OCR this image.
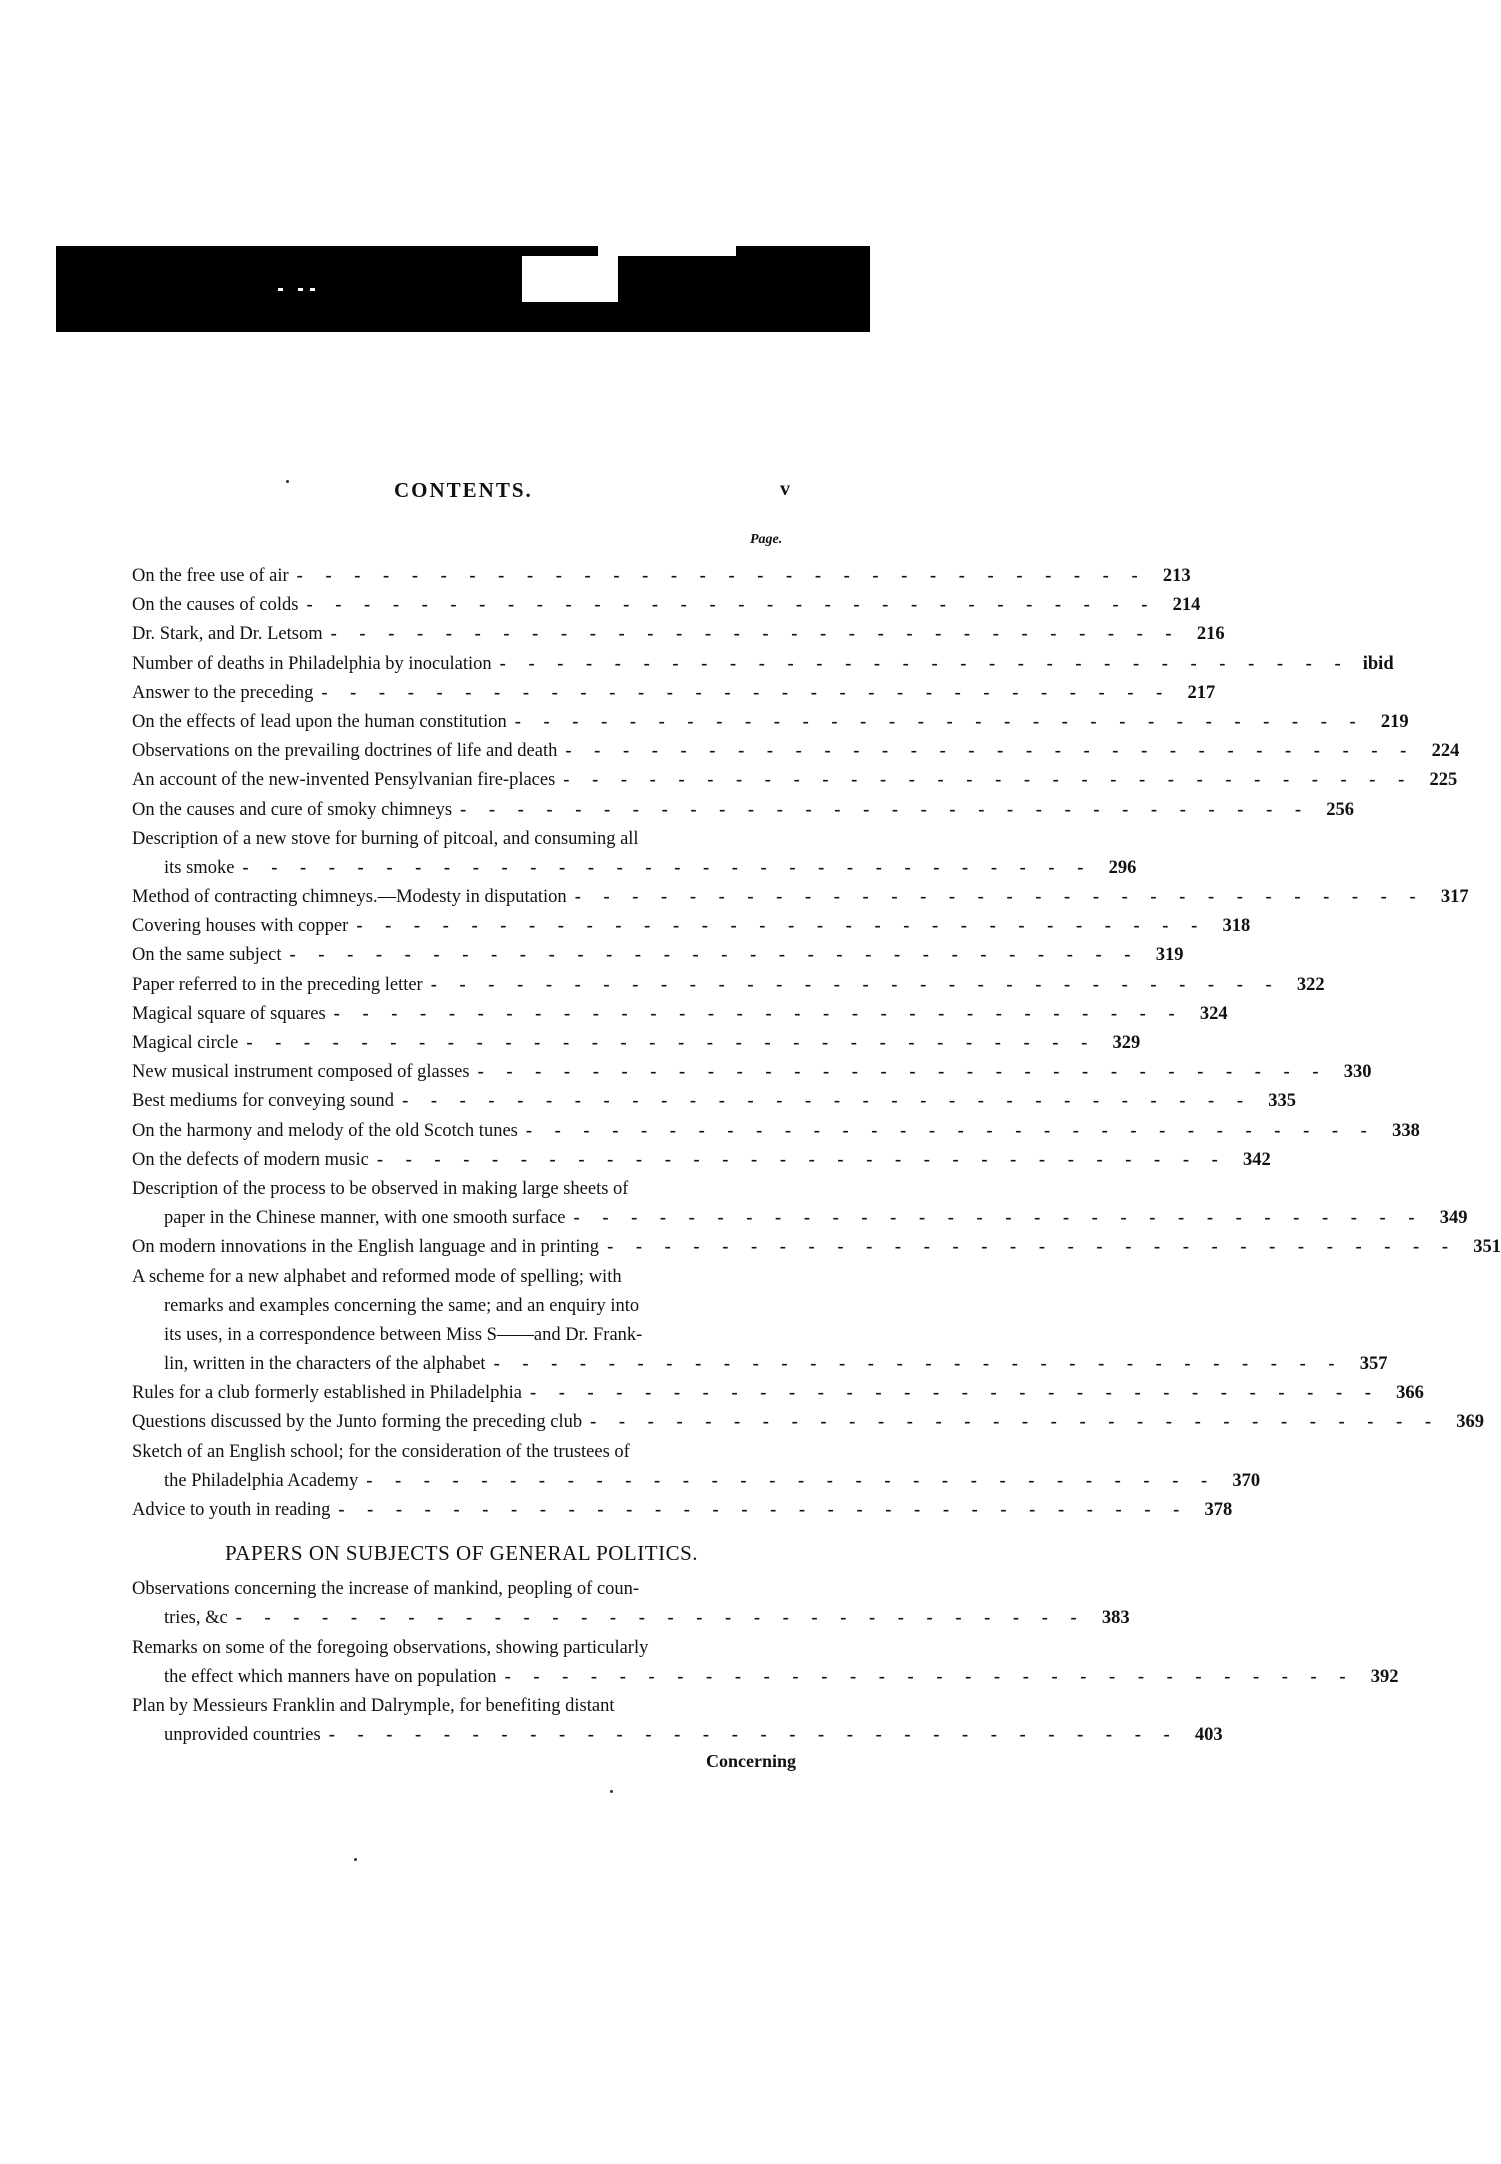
CONTENTS.	v
Page.
On the free use of air - - - - - - - - - - - - - - - - - - - - - - - - - - - - - - 213
On the causes of colds - - - - - - - - - - - - - - - - - - - - - - - - - - - - - - 214
Dr. Stark, and Dr. Letsom - - - - - - - - - - - - - - - - - - - - - - - - - - - - - - 216
Number of deaths in Philadelphia by inoculation - - - - - - - - - - - - - - - - - - - - - - - - - - - - - - ibid
Answer to the preceding - - - - - - - - - - - - - - - - - - - - - - - - - - - - - - 217
On the effects of lead upon the human constitution - - - - - - - - - - - - - - - - - - - - - - - - - - - - - - 219
Observations on the prevailing doctrines of life and death - - - - - - - - - - - - - - - - - - - - - - - - - - - - - - 224
An account of the new-invented Pensylvanian fire-places - - - - - - - - - - - - - - - - - - - - - - - - - - - - - - 225
On the causes and cure of smoky chimneys - - - - - - - - - - - - - - - - - - - - - - - - - - - - - - 256
Description of a new stove for burning of pitcoal, and consuming all
its smoke - - - - - - - - - - - - - - - - - - - - - - - - - - - - - - 296
Method of contracting chimneys.—Modesty in disputation - - - - - - - - - - - - - - - - - - - - - - - - - - - - - - 317
Covering houses with copper - - - - - - - - - - - - - - - - - - - - - - - - - - - - - - 318
On the same subject - - - - - - - - - - - - - - - - - - - - - - - - - - - - - - 319
Paper referred to in the preceding letter - - - - - - - - - - - - - - - - - - - - - - - - - - - - - - 322
Magical square of squares - - - - - - - - - - - - - - - - - - - - - - - - - - - - - - 324
Magical circle - - - - - - - - - - - - - - - - - - - - - - - - - - - - - - 329
New musical instrument composed of glasses - - - - - - - - - - - - - - - - - - - - - - - - - - - - - - 330
Best mediums for conveying sound - - - - - - - - - - - - - - - - - - - - - - - - - - - - - - 335
On the harmony and melody of the old Scotch tunes - - - - - - - - - - - - - - - - - - - - - - - - - - - - - - 338
On the defects of modern music - - - - - - - - - - - - - - - - - - - - - - - - - - - - - - 342
Description of the process to be observed in making large sheets of
paper in the Chinese manner, with one smooth surface - - - - - - - - - - - - - - - - - - - - - - - - - - - - - - 349
On modern innovations in the English language and in printing - - - - - - - - - - - - - - - - - - - - - - - - - - - - - - 351
A scheme for a new alphabet and reformed mode of spelling; with
remarks and examples concerning the same; and an enquiry into
its uses, in a correspondence between Miss S——and Dr. Frank-
lin, written in the characters of the alphabet - - - - - - - - - - - - - - - - - - - - - - - - - - - - - - 357
Rules for a club formerly established in Philadelphia - - - - - - - - - - - - - - - - - - - - - - - - - - - - - - 366
Questions discussed by the Junto forming the preceding club - - - - - - - - - - - - - - - - - - - - - - - - - - - - - - 369
Sketch of an English school; for the consideration of the trustees of
the Philadelphia Academy - - - - - - - - - - - - - - - - - - - - - - - - - - - - - - 370
Advice to youth in reading - - - - - - - - - - - - - - - - - - - - - - - - - - - - - - 378
PAPERS ON SUBJECTS OF GENERAL POLITICS.
Observations concerning the increase of mankind, peopling of coun-
tries, &c - - - - - - - - - - - - - - - - - - - - - - - - - - - - - - 383
Remarks on some of the foregoing observations, showing particularly
the effect which manners have on population - - - - - - - - - - - - - - - - - - - - - - - - - - - - - - 392
Plan by Messieurs Franklin and Dalrymple, for benefiting distant
unprovided countries - - - - - - - - - - - - - - - - - - - - - - - - - - - - - - 403
Concerning
